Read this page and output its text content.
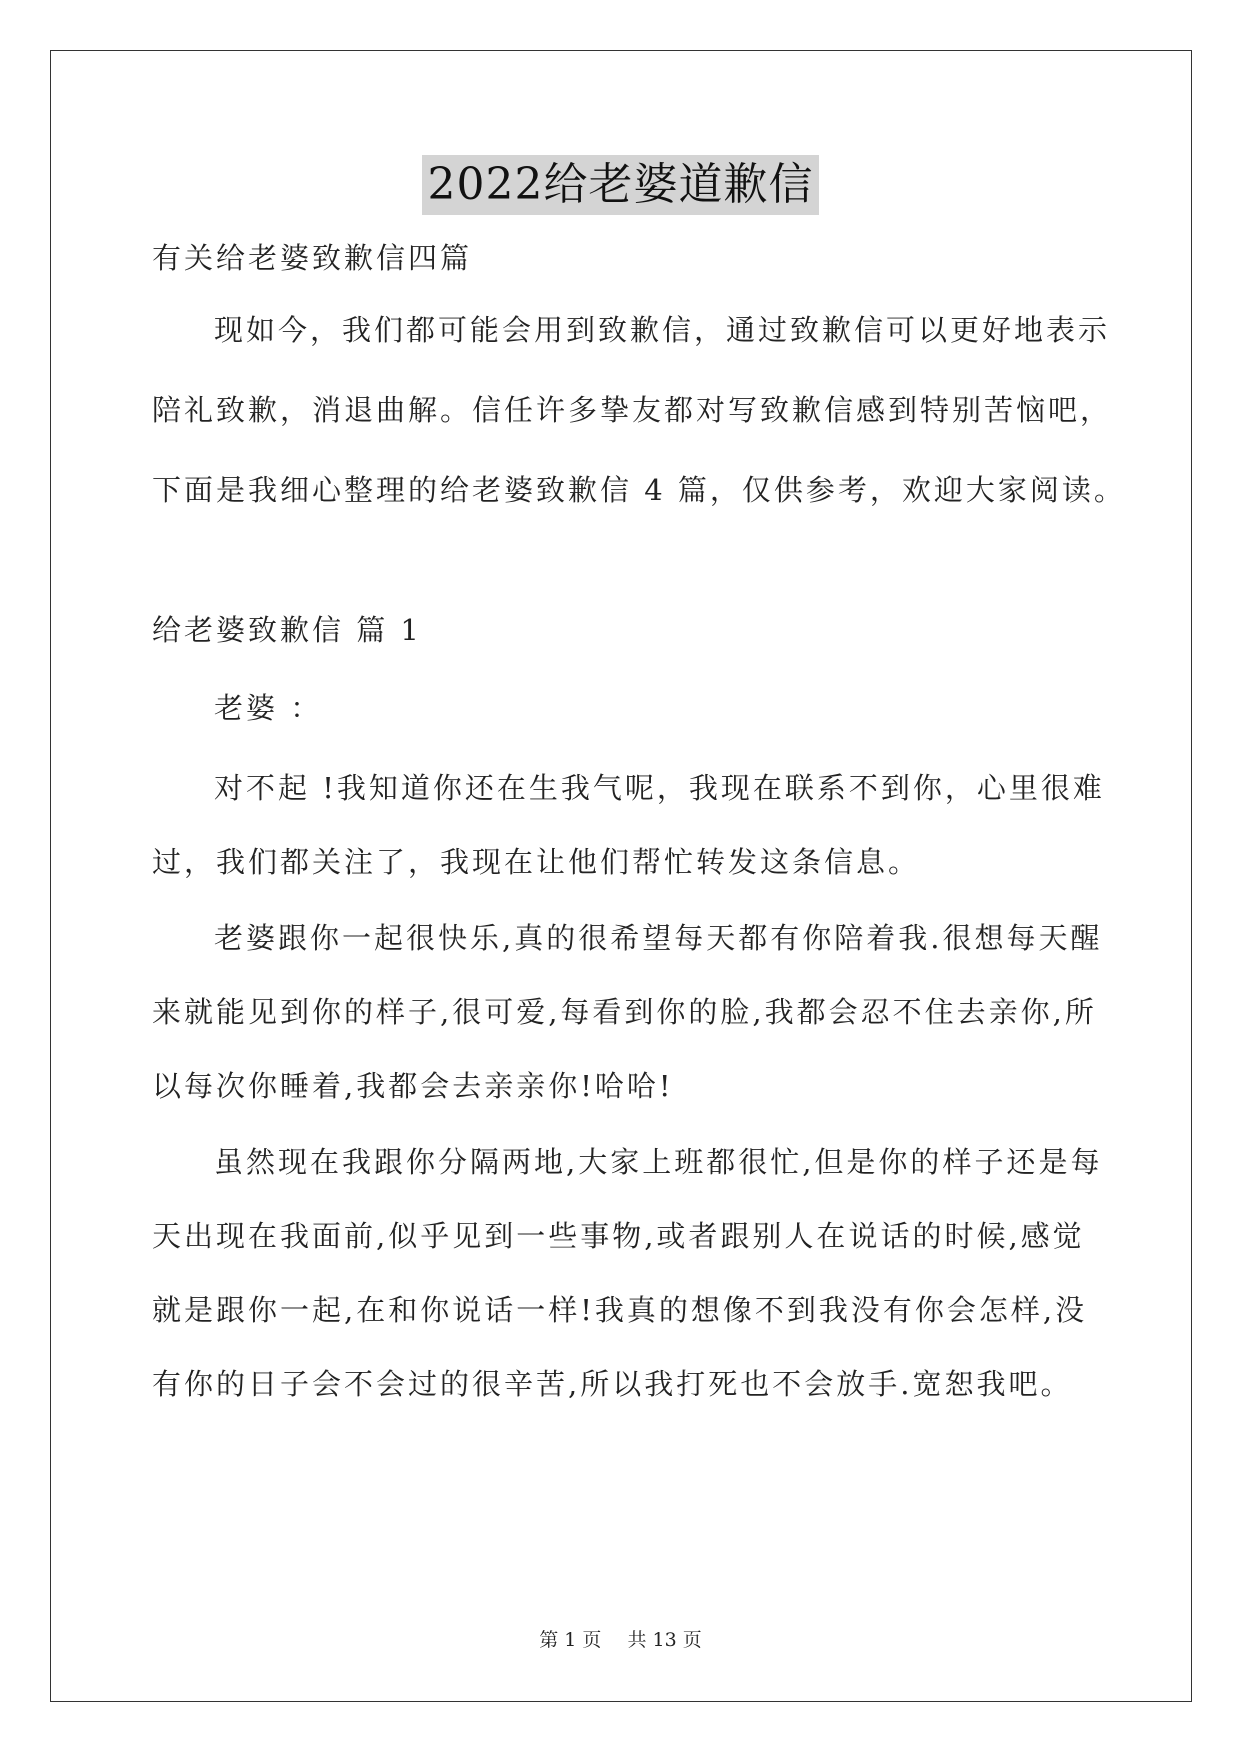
2022给老婆道歉信
有关给老婆致歉信四篇
现如今，我们都可能会用到致歉信，通过致歉信可以更好地表示
陪礼致歉，消退曲解。信任许多挚友都对写致歉信感到特别苦恼吧，
下面是我细心整理的给老婆致歉信 4 篇，仅供参考，欢迎大家阅读。
给老婆致歉信 篇 1
老婆 ：
对不起 !我知道你还在生我气呢，我现在联系不到你，心里很难
过，我们都关注了，我现在让他们帮忙转发这条信息。
老婆跟你一起很快乐,真的很希望每天都有你陪着我.很想每天醒
来就能见到你的样子,很可爱,每看到你的脸,我都会忍不住去亲你,所
以每次你睡着,我都会去亲亲你!哈哈!
虽然现在我跟你分隔两地,大家上班都很忙,但是你的样子还是每
天出现在我面前,似乎见到一些事物,或者跟别人在说话的时候,感觉
就是跟你一起,在和你说话一样!我真的想像不到我没有你会怎样,没
有你的日子会不会过的很辛苦,所以我打死也不会放手.宽恕我吧。
第 1 页 共 13 页
